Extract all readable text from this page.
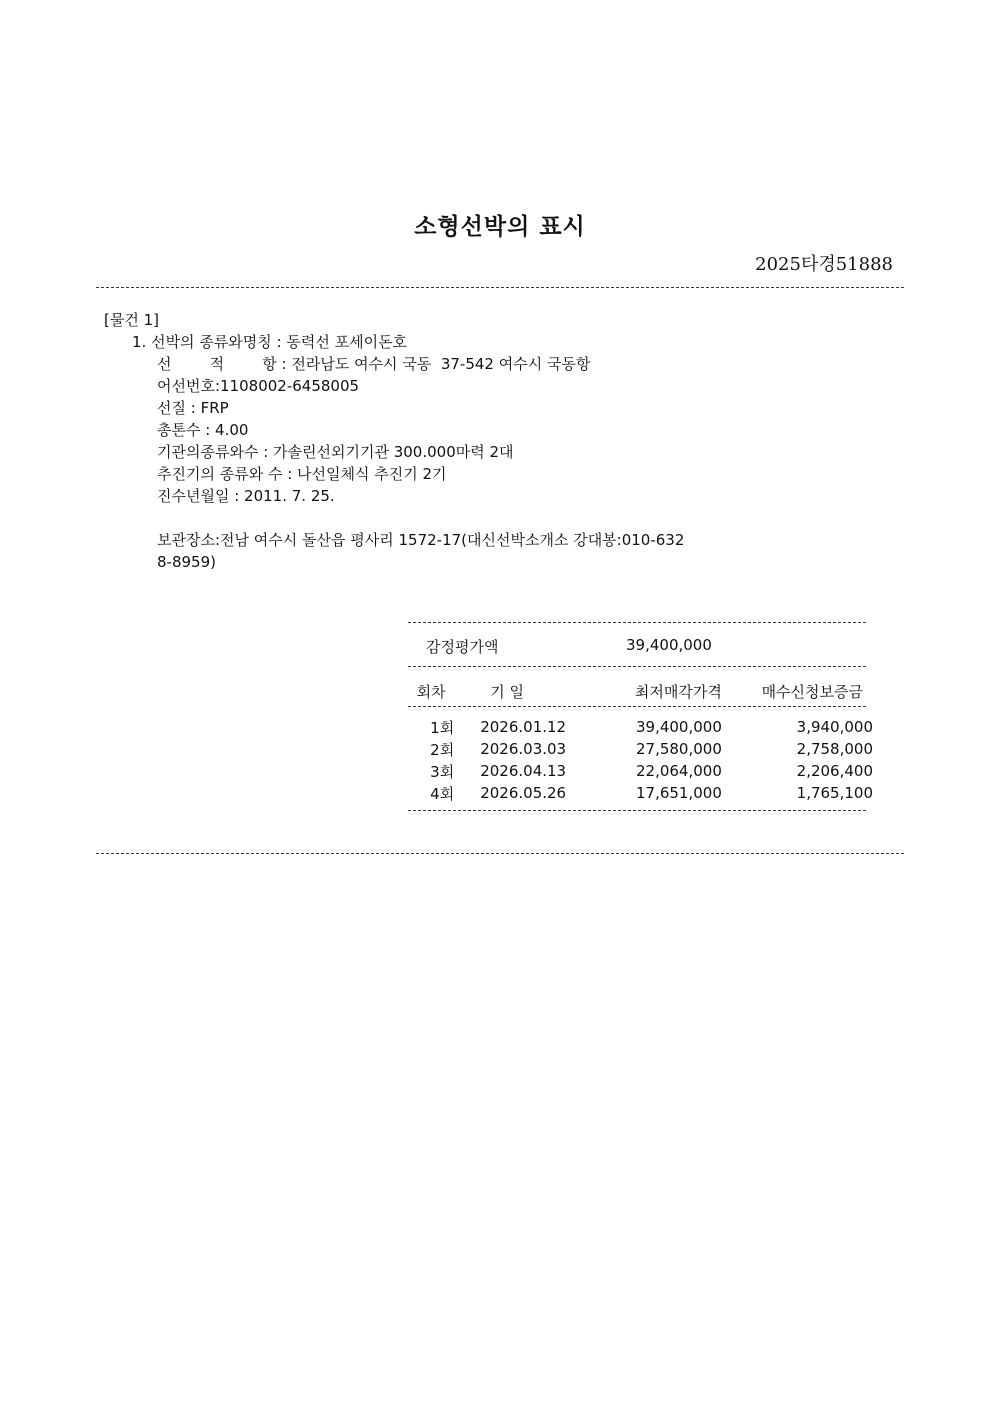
소형선박의 표시
2025타경51888
[물건 1]
1. 선박의 종류와명칭 : 동력선 포세이돈호
선        적        항 : 전라남도 여수시 국동  37-542 여수시 국동항
어선번호:1108002-6458005
선질 : FRP
총톤수 : 4.00
기관의종류와수 : 가솔린선외기기관 300.000마력 2대
추진기의 종류와 수 : 나선일체식 추진기 2기
진수년월일 : 2011. 7. 25.
보관장소:전남 여수시 돌산읍 평사리 1572-17(대신선박소개소 강대봉:010-632
8-8959)
감정평가액	39,400,000
회차	기 일	최저매각가격	매수신청보증금

1회	2026.01.12	39,400,000	3,940,000
2회	2026.03.03	27,580,000	2,758,000
3회	2026.04.13	22,064,000	2,206,400
4회	2026.05.26	17,651,000	1,765,100
